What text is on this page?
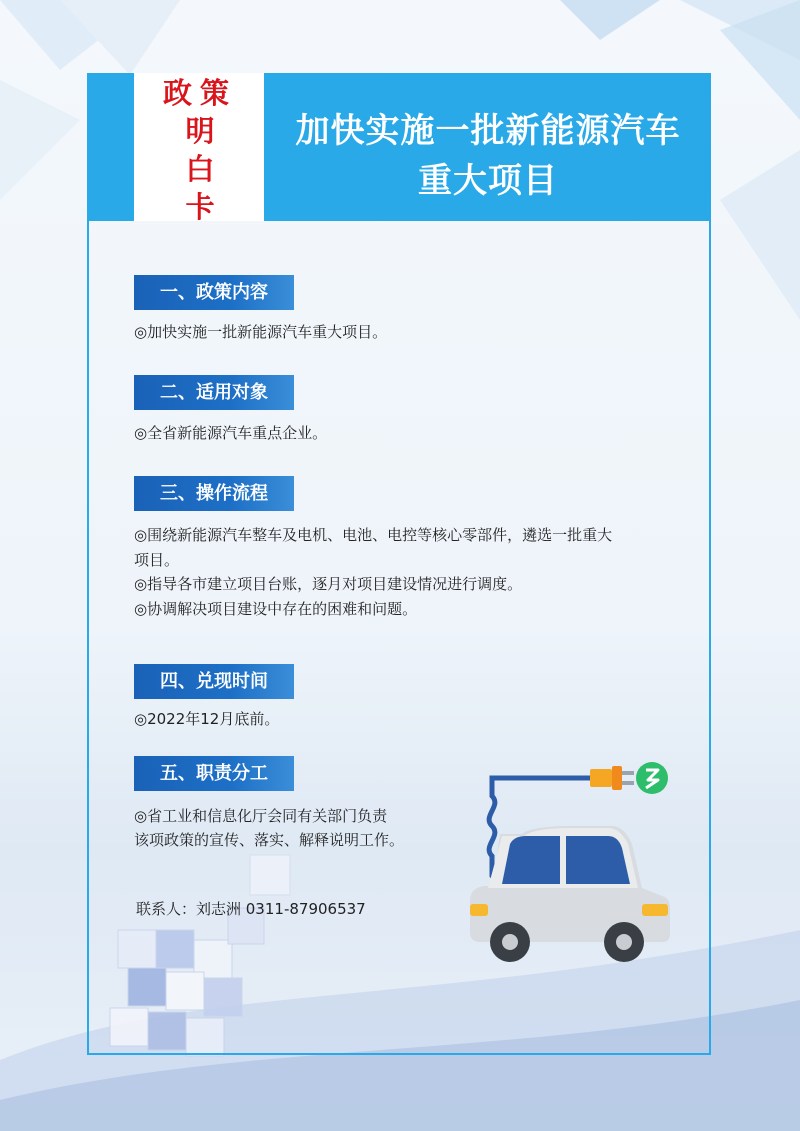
政策
明
白
卡
加快实施一批新能源汽车
重大项目
一、政策内容
◎加快实施一批新能源汽车重大项目。
二、适用对象
◎全省新能源汽车重点企业。
三、操作流程
◎围绕新能源汽车整车及电机、电池、电控等核心零部件，遴选一批重大
项目。
◎指导各市建立项目台账，逐月对项目建设情况进行调度。
◎协调解决项目建设中存在的困难和问题。
四、兑现时间
◎2022年12月底前。
五、职责分工
◎省工业和信息化厅会同有关部门负责
该项政策的宣传、落实、解释说明工作。
联系人：刘志洲 0311-87906537
